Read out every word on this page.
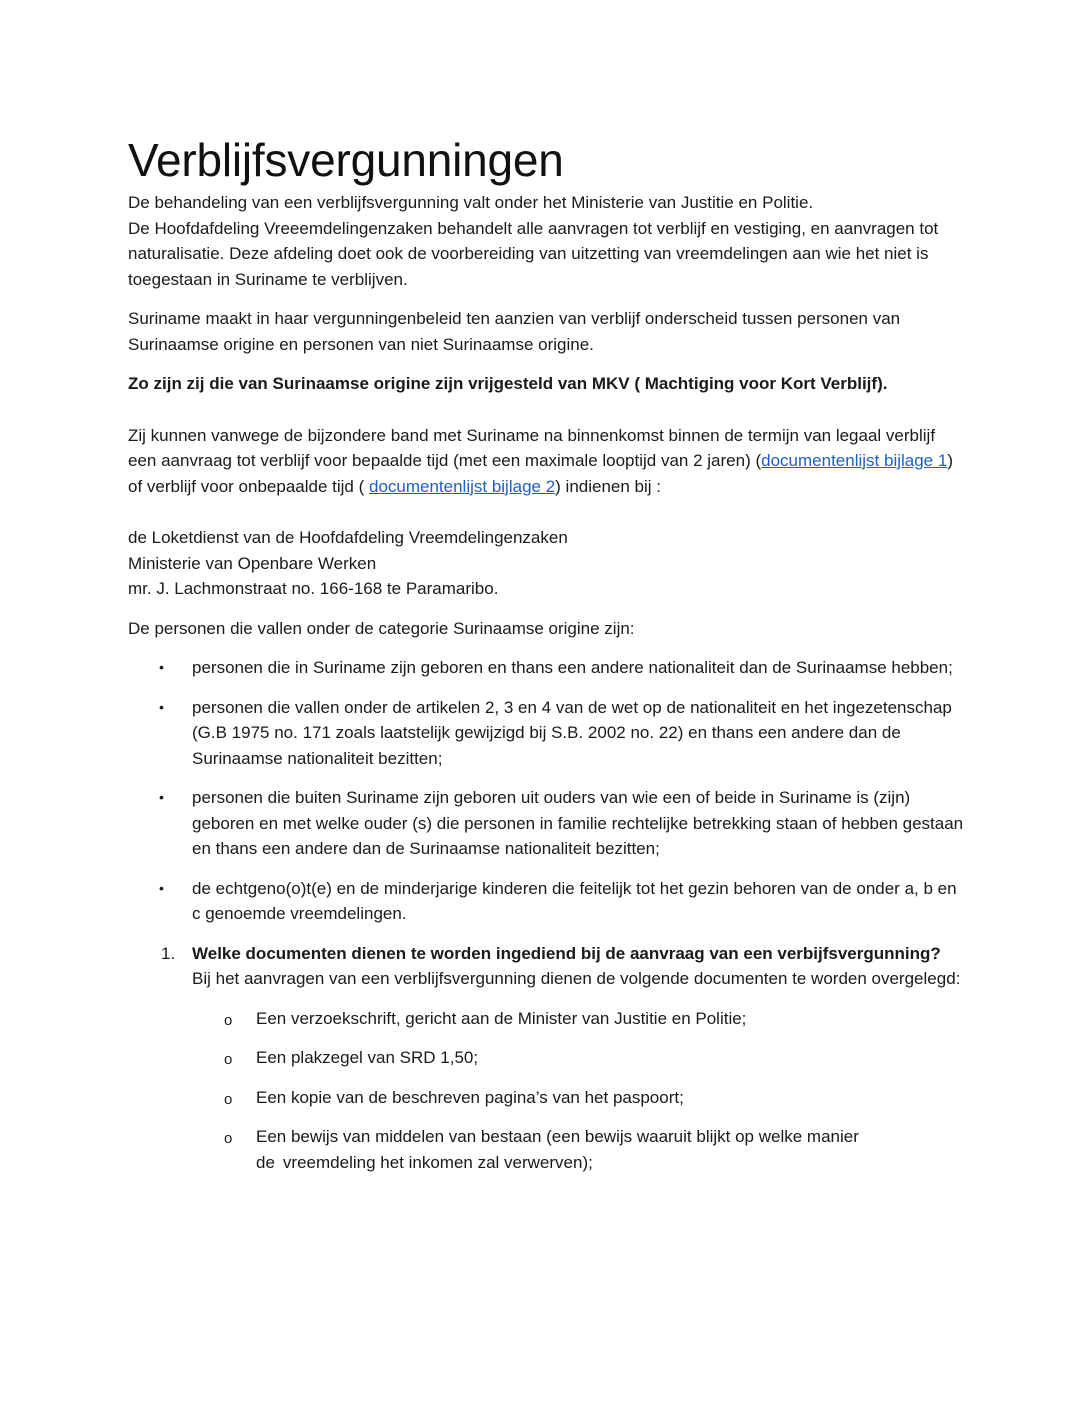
Verblijfsvergunningen

De behandeling van een verblijfsvergunning valt onder het Ministerie van Justitie en Politie.

De Hoofdafdeling Vreeemdelingenzaken behandelt alle aanvragen tot verblijf en vestiging, en aanvragen tot naturalisatie. Deze afdeling doet ook de voorbereiding van uitzetting van vreemdelingen aan wie het niet is toegestaan in Suriname te verblijven.

Suriname maakt in haar vergunningenbeleid ten aanzien van verblijf onderscheid tussen personen van Surinaamse origine en personen van niet Surinaamse origine.

Zo zijn zij die van Surinaamse origine zijn vrijgesteld van MKV ( Machtiging voor Kort Verblijf).

Zij kunnen vanwege de bijzondere band met Suriname na binnenkomst binnen de termijn van legaal verblijf een aanvraag tot verblijf voor bepaalde tijd (met een maximale looptijd van 2 jaren) (documentenlijst bijlage 1) of verblijf voor onbepaalde tijd ( documentenlijst bijlage 2) indienen bij :

de Loketdienst van de Hoofdafdeling Vreemdelingenzaken

Ministerie van Openbare Werken

mr. J. Lachmonstraat no. 166-168 te Paramaribo.

De personen die vallen onder de categorie Surinaamse origine zijn:

• personen die in Suriname zijn geboren en thans een andere nationaliteit dan de Surinaamse hebben;
• personen die vallen onder de artikelen 2, 3 en 4 van de wet op de nationaliteit en het ingezetenschap (G.B 1975 no. 171 zoals laatstelijk gewijzigd bij S.B. 2002 no. 22) en thans een andere dan de Surinaamse nationaliteit bezitten;
• personen die buiten Suriname zijn geboren uit ouders van wie een of beide in Suriname is (zijn) geboren en met welke ouder (s) die personen in familie rechtelijke betrekking staan of hebben gestaan en thans een andere dan de Surinaamse nationaliteit bezitten;
• de echtgeno(o)t(e) en de minderjarige kinderen die feitelijk tot het gezin behoren van de onder a, b en c genoemde vreemdelingen.
1. Welke documenten dienen te worden ingediend bij de aanvraag van een verbijfsvergunning?

Bij het aanvragen van een verblijfsvergunning dienen de volgende documenten te worden overgelegd:

o Een verzoekschrift, gericht aan de Minister van Justitie en Politie;
o Een plakzegel van SRD 1,50;
o Een kopie van de beschreven pagina’s van het paspoort;
o Een bewijs van middelen van bestaan (een bewijs waaruit blijkt op welke manier
de vreemdeling het inkomen zal verwerven);
